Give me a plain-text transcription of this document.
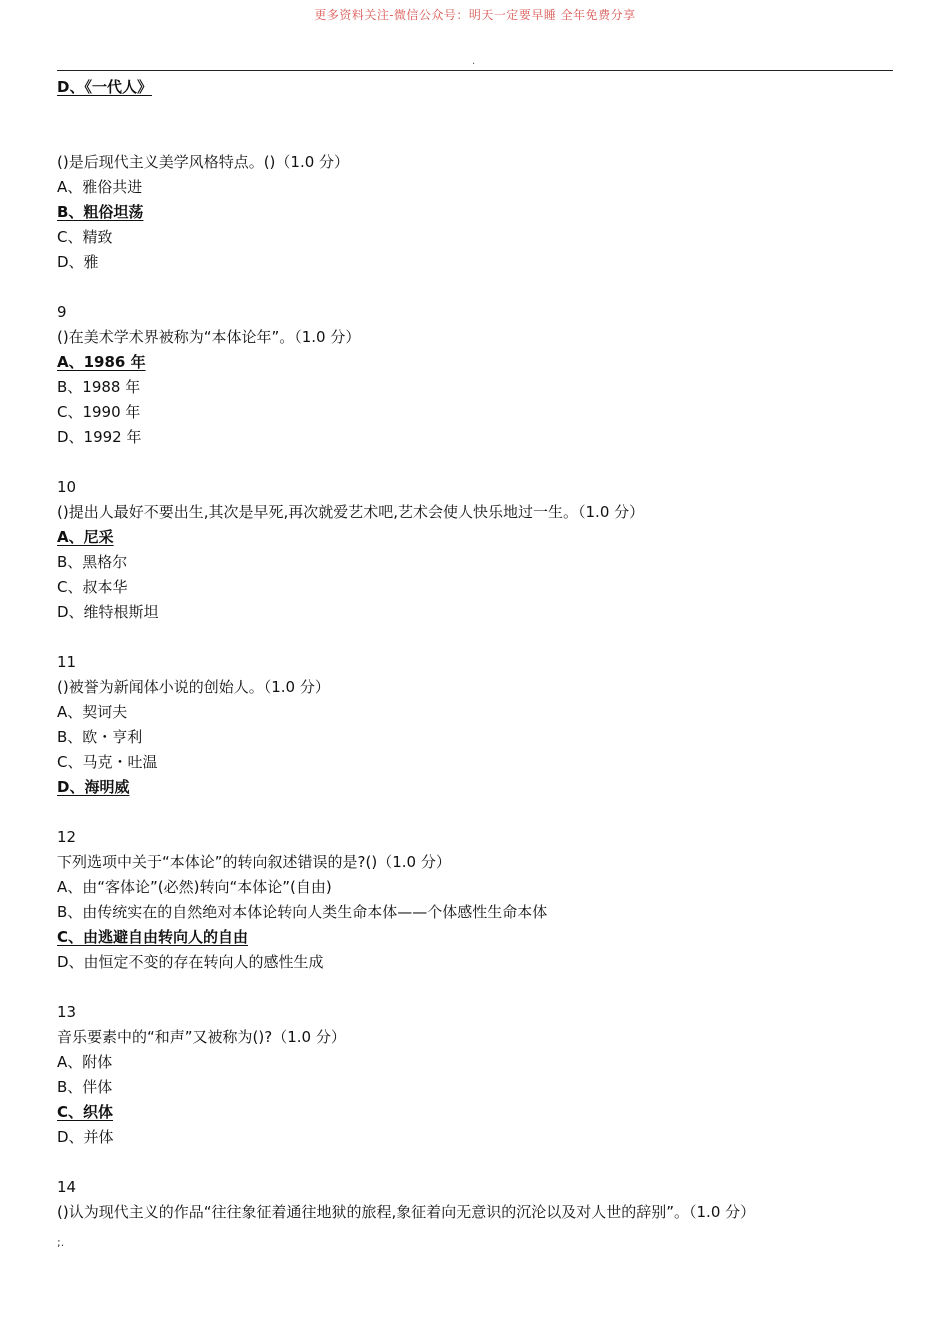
更多资料关注-微信公众号：明天一定要早睡 全年免费分享
.
D、《一代人》
()是后现代主义美学风格特点。()（1.0 分）
A、雅俗共进
B、粗俗坦荡
C、精致
D、雅
9
()在美术学术界被称为“本体论年”。（1.0 分）
A、1986 年
B、1988 年
C、1990 年
D、1992 年
10
()提出人最好不要出生,其次是早死,再次就爱艺术吧,艺术会使人快乐地过一生。（1.0 分）
A、尼采
B、黑格尔
C、叔本华
D、维特根斯坦
11
()被誉为新闻体小说的创始人。（1.0 分）
A、契诃夫
B、欧・亨利
C、马克・吐温
D、海明威
12
下列选项中关于“本体论”的转向叙述错误的是?()（1.0 分）
A、由“客体论”(必然)转向“本体论”(自由)
B、由传统实在的自然绝对本体论转向人类生命本体——个体感性生命本体
C、由逃避自由转向人的自由
D、由恒定不变的存在转向人的感性生成
13
音乐要素中的“和声”又被称为()?（1.0 分）
A、附体
B、伴体
C、织体
D、并体
14
()认为现代主义的作品“往往象征着通往地狱的旅程,象征着向无意识的沉沦以及对人世的辞别”。（1.0 分）
;.
